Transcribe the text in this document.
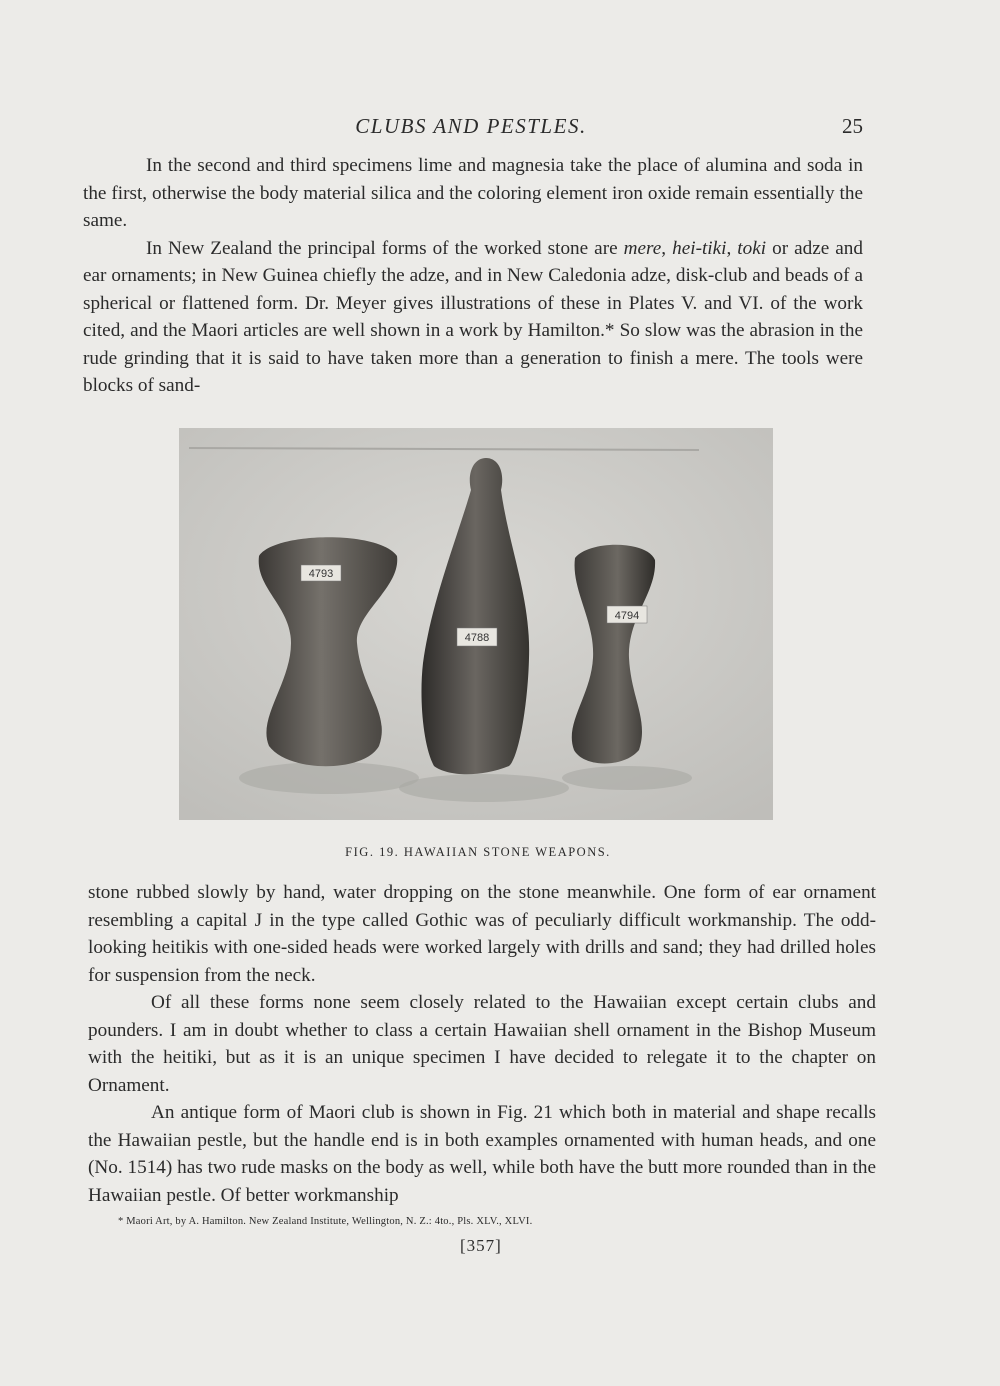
CLUBS AND PESTLES.	25

In the second and third specimens lime and magnesia take the place of alumina and soda in the first, otherwise the body material silica and the coloring element iron oxide remain essentially the same.

In New Zealand the principal forms of the worked stone are mere, hei-tiki, toki or adze and ear ornaments; in New Guinea chiefly the adze, and in New Caledonia adze, disk-club and beads of a spherical or flattened form. Dr. Meyer gives illustrations of these in Plates V. and VI. of the work cited, and the Maori articles are well shown in a work by Hamilton.* So slow was the abrasion in the rude grinding that it is said to have taken more than a generation to finish a mere. The tools were blocks of sand-

4793
4788
4794
FIG. 19. HAWAIIAN STONE WEAPONS.

stone rubbed slowly by hand, water dropping on the stone meanwhile. One form of ear ornament resembling a capital J in the type called Gothic was of peculiarly difficult workmanship. The odd-looking heitikis with one-sided heads were worked largely with drills and sand; they had drilled holes for suspension from the neck.

Of all these forms none seem closely related to the Hawaiian except certain clubs and pounders. I am in doubt whether to class a certain Hawaiian shell ornament in the Bishop Museum with the heitiki, but as it is an unique specimen I have decided to relegate it to the chapter on Ornament.

An antique form of Maori club is shown in Fig. 21 which both in material and shape recalls the Hawaiian pestle, but the handle end is in both examples ornamented with human heads, and one (No. 1514) has two rude masks on the body as well, while both have the butt more rounded than in the Hawaiian pestle. Of better workmanship

* Maori Art, by A. Hamilton. New Zealand Institute, Wellington, N. Z.: 4to., Pls. XLV., XLVI.
[357]
